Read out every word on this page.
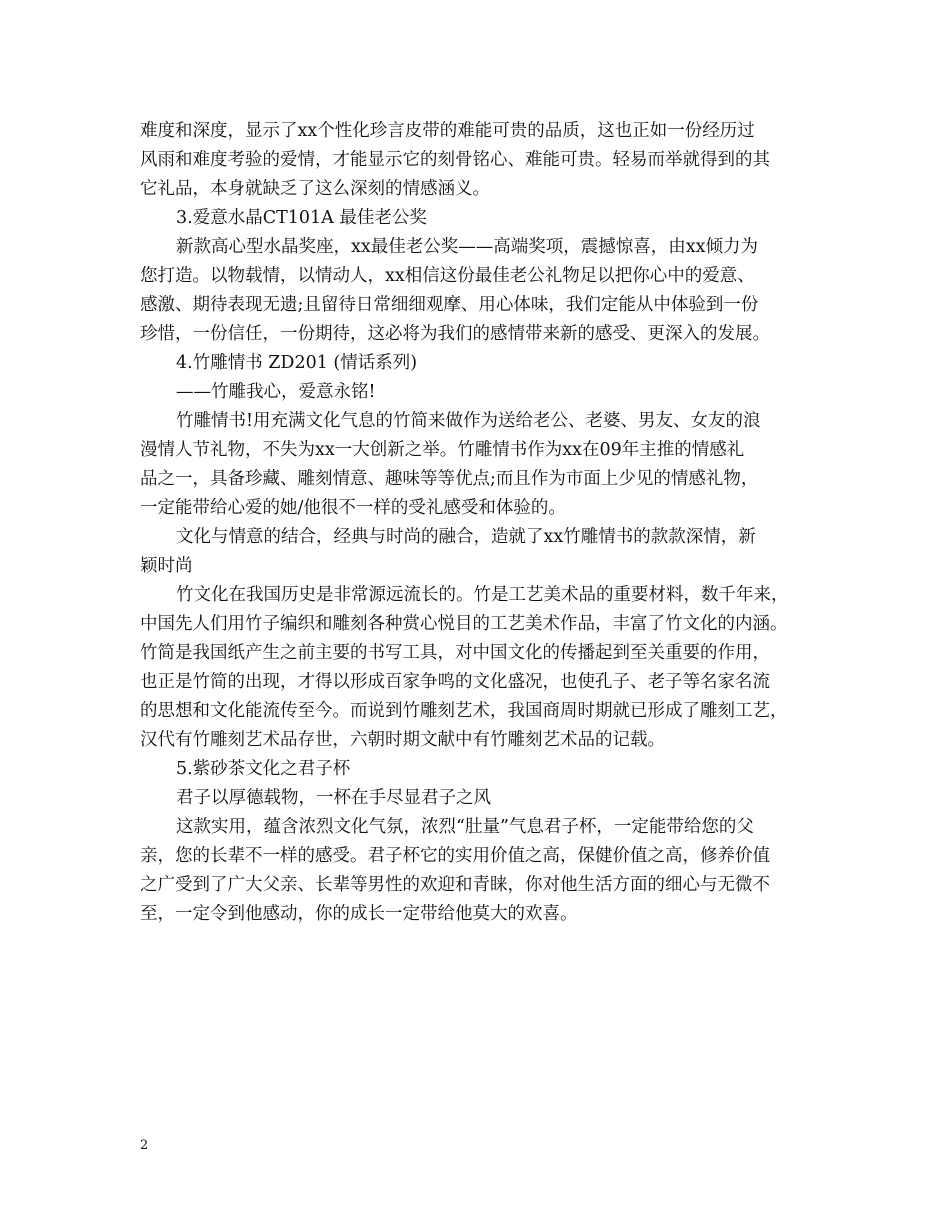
难度和深度，显示了xx个性化珍言皮带的难能可贵的品质，这也正如一份经历过
风雨和难度考验的爱情，才能显示它的刻骨铭心、难能可贵。轻易而举就得到的其
它礼品，本身就缺乏了这么深刻的情感涵义。
3.爱意水晶CT101A 最佳老公奖
新款高心型水晶奖座，xx最佳老公奖——高端奖项，震撼惊喜，由xx倾力为
您打造。以物载情，以情动人，xx相信这份最佳老公礼物足以把你心中的爱意、
感激、期待表现无遗;且留待日常细细观摩、用心体味，我们定能从中体验到一份
珍惜，一份信任，一份期待，这必将为我们的感情带来新的感受、更深入的发展。
4.竹雕情书 ZD201 (情话系列)
——竹雕我心，爱意永铭!
竹雕情书!用充满文化气息的竹简来做作为送给老公、老婆、男友、女友的浪
漫情人节礼物，不失为xx一大创新之举。竹雕情书作为xx在09年主推的情感礼
品之一，具备珍藏、雕刻情意、趣味等等优点;而且作为市面上少见的情感礼物，
一定能带给心爱的她/他很不一样的受礼感受和体验的。
文化与情意的结合，经典与时尚的融合，造就了xx竹雕情书的款款深情，新
颖时尚
竹文化在我国历史是非常源远流长的。竹是工艺美术品的重要材料，数千年来，
中国先人们用竹子编织和雕刻各种赏心悦目的工艺美术作品，丰富了竹文化的内涵。
竹简是我国纸产生之前主要的书写工具，对中国文化的传播起到至关重要的作用，
也正是竹简的出现，才得以形成百家争鸣的文化盛况，也使孔子、老子等名家名流
的思想和文化能流传至今。而说到竹雕刻艺术，我国商周时期就已形成了雕刻工艺，
汉代有竹雕刻艺术品存世，六朝时期文献中有竹雕刻艺术品的记载。
5.紫砂茶文化之君子杯
君子以厚德载物，一杯在手尽显君子之风
这款实用，蕴含浓烈文化气氛，浓烈“肚量”气息君子杯，一定能带给您的父
亲，您的长辈不一样的感受。君子杯它的实用价值之高，保健价值之高，修养价值
之广受到了广大父亲、长辈等男性的欢迎和青睐，你对他生活方面的细心与无微不
至，一定令到他感动，你的成长一定带给他莫大的欢喜。
2
